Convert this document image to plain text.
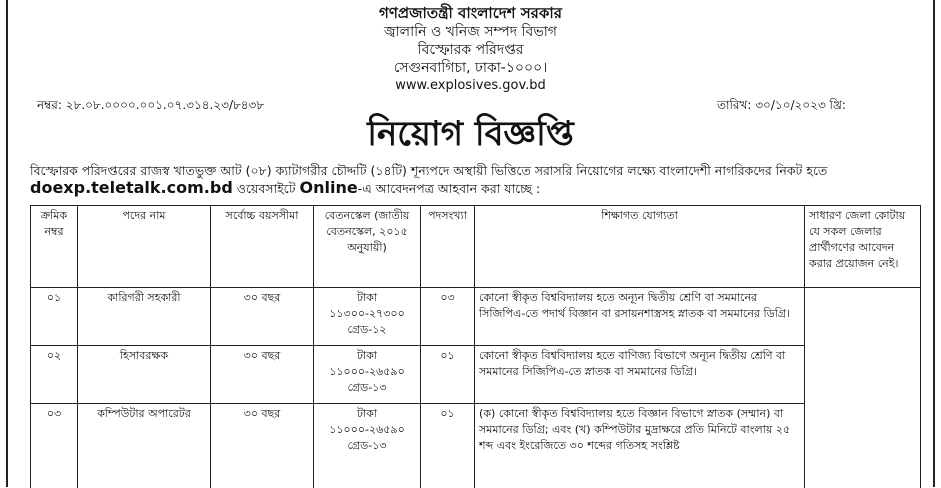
গণপ্রজাতন্ত্রী বাংলাদেশ সরকার
জ্বালানি ও খনিজ সম্পদ বিভাগ
বিস্ফোরক পরিদপ্তর
সেগুনবাগিচা, ঢাকা-১০০০।
www.explosives.gov.bd
নম্বর: ২৮.০৮.০০০০.০০১.০৭.৩১৪.২৩/৮৪৩৮	তারিখ: ৩০/১০/২০২৩ খ্রি:
নিয়োগ বিজ্ঞপ্তি
বিস্ফোরক পরিদপ্তরের রাজস্ব খাতভুক্ত আট (০৮) ক্যাটাগরীর চৌদ্দটি (১৪টি) শূন্যপদে অস্থায়ী ভিত্তিতে সরাসরি নিয়োগের লক্ষ্যে বাংলাদেশী নাগরিকদের নিকট হতে doexp.teletalk.com.bd ওয়েবসাইটে Online-এ আবেদনপত্র আহবান করা যাচ্ছে :
ক্রমিক নম্বর	পদের নাম	সর্বোচ্চ বয়সসীমা	বেতনস্কেল (জাতীয় বেতনস্কেল, ২০১৫ অনুযায়ী)	পদসংখ্যা	শিক্ষাগত যোগ্যতা	সাধারণ জেলা কোটায় যে সকল জেলার প্রার্থীগণের আবেদন করার প্রয়োজন নেই।
০১	কারিগরী সহকারী	৩০ বছর	টাকা ১১৩০০-২৭৩০০ গ্রেড-১২	০৩	কোনো স্বীকৃত বিশ্ববিদ্যালয় হতে অন্যূন দ্বিতীয় শ্রেণি বা সমমানের সিজিপিএ-তে পদার্থ বিজ্ঞান বা রসায়নশাস্ত্রসহ স্নাতক বা সমমানের ডিগ্রি।	
০২	হিসাবরক্ষক	৩০ বছর	টাকা ১১০০০-২৬৫৯০ গ্রেড-১৩	০১	কোনো স্বীকৃত বিশ্ববিদ্যালয় হতে বাণিজ্য বিভাগে অন্যূন দ্বিতীয় শ্রেণি বা সমমানের সিজিপিএ-তে স্নাতক বা সমমানের ডিগ্রি।	
০৩	কম্পিউটার অপারেটর	৩০ বছর	টাকা ১১০০০-২৬৫৯০ গ্রেড-১৩	০১	(ক) কোনো স্বীকৃত বিশ্ববিদ্যালয় হতে বিজ্ঞান বিভাগে স্নাতক (সম্মান) বা সমমানের ডিগ্রি; এবং (খ) কম্পিউটার মুদ্রাক্ষরে প্রতি মিনিটে বাংলায় ২৫ শব্দ এবং ইংরেজিতে ৩০ শব্দের গতিসহ সংশ্লিষ্ট	
